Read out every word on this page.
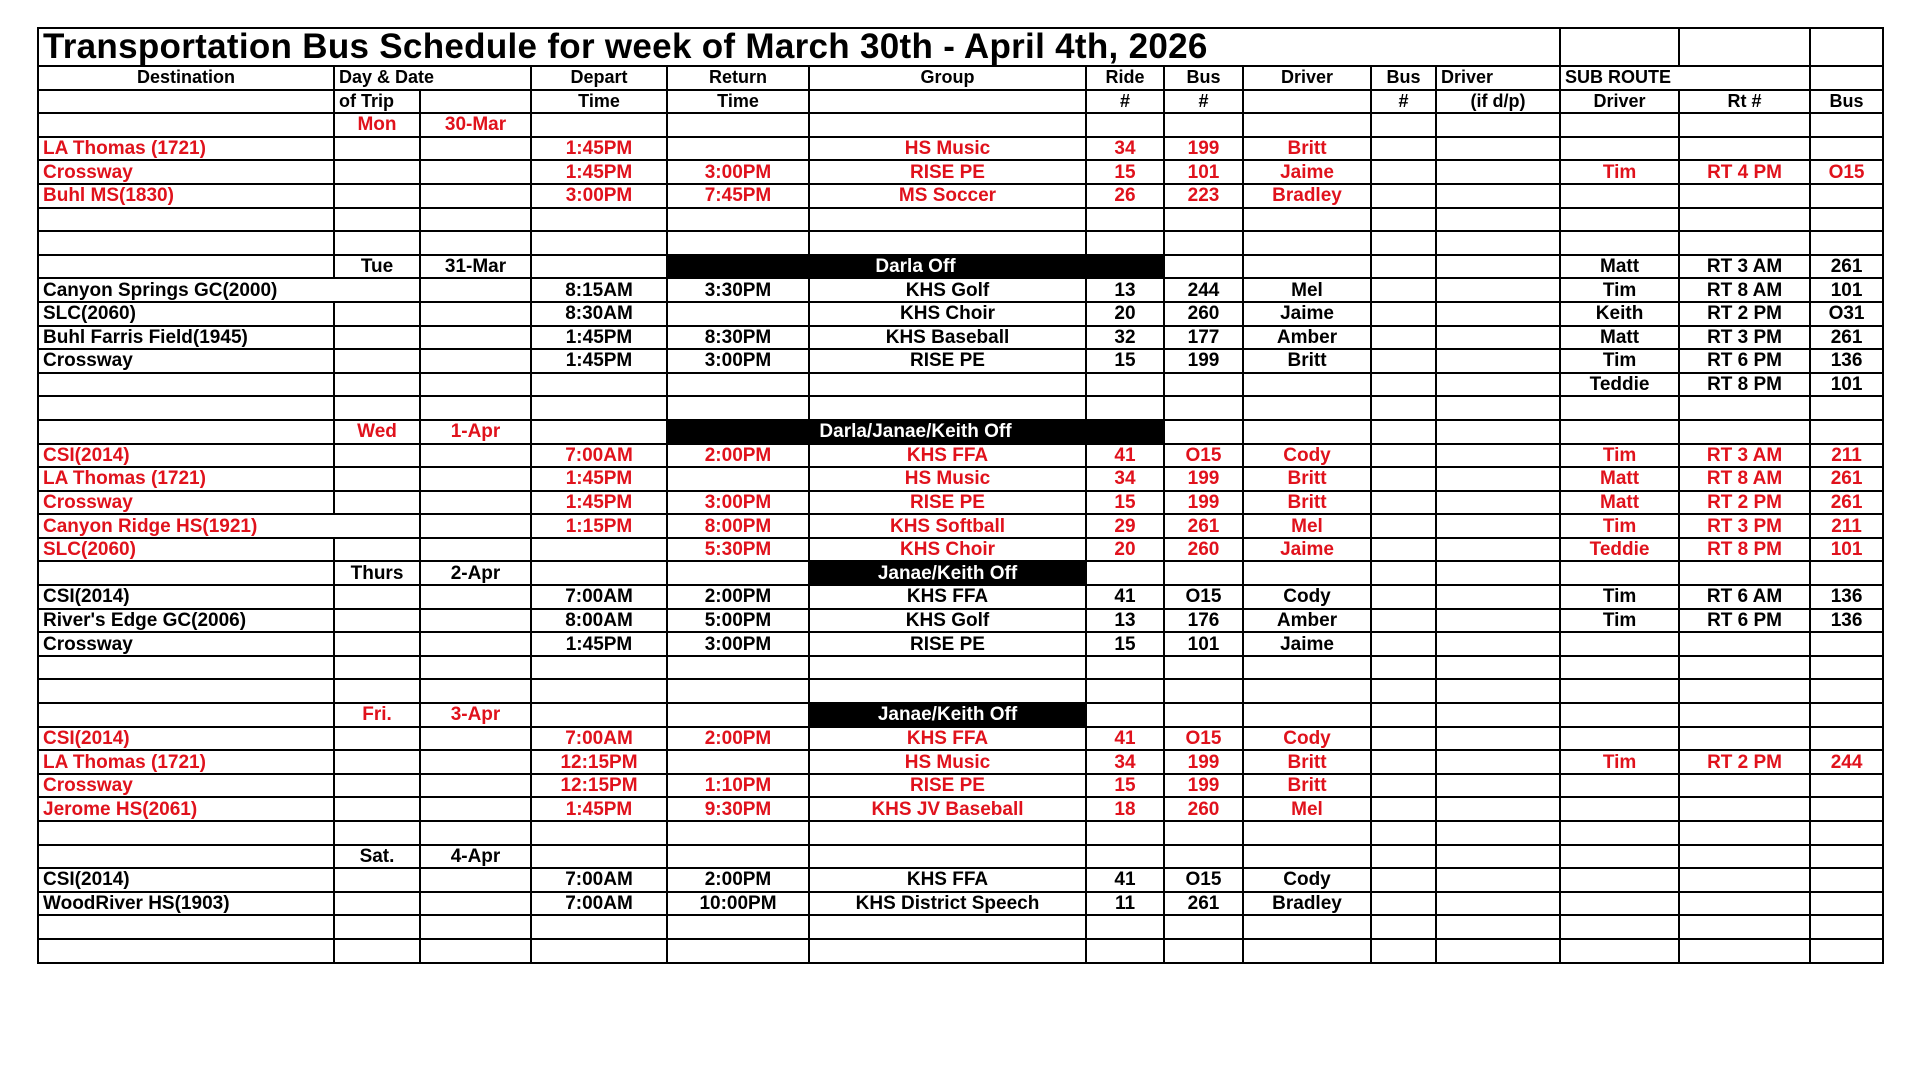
Transportation Bus Schedule for week of March 30th - April 4th, 2026													
Destination	Day & Date		Depart	Return	Group	Ride	Bus	Driver	Bus	Driver	SUB ROUTE		
	of Trip		Time	Time		#	#		#	(if d/p)	Driver	Rt #	Bus
	Mon	30-Mar											
LA Thomas (1721)			1:45PM		HS Music	34	199	Britt					
Crossway			1:45PM	3:00PM	RISE PE	15	101	Jaime			Tim	RT 4 PM	O15
Buhl MS(1830)			3:00PM	7:45PM	MS Soccer	26	223	Bradley					

	Tue	31-Mar		Darla Off							Matt	RT 3 AM	261
Canyon Springs GC(2000)			8:15AM	3:30PM	KHS Golf	13	244	Mel			Tim	RT 8 AM	101
SLC(2060)			8:30AM		KHS Choir	20	260	Jaime			Keith	RT 2 PM	O31
Buhl Farris Field(1945)			1:45PM	8:30PM	KHS Baseball	32	177	Amber			Matt	RT 3 PM	261
Crossway			1:45PM	3:00PM	RISE PE	15	199	Britt			Tim	RT 6 PM	136
											Teddie	RT 8 PM	101

	Wed	1-Apr		Darla/Janae/Keith Off									
CSI(2014)			7:00AM	2:00PM	KHS FFA	41	O15	Cody			Tim	RT 3 AM	211
LA Thomas (1721)			1:45PM		HS Music	34	199	Britt			Matt	RT 8 AM	261
Crossway			1:45PM	3:00PM	RISE PE	15	199	Britt			Matt	RT 2 PM	261
Canyon Ridge HS(1921)			1:15PM	8:00PM	KHS Softball	29	261	Mel			Tim	RT 3 PM	211
SLC(2060)				5:30PM	KHS Choir	20	260	Jaime			Teddie	RT 8 PM	101
	Thurs	2-Apr			Janae/Keith Off								
CSI(2014)			7:00AM	2:00PM	KHS FFA	41	O15	Cody			Tim	RT 6 AM	136
River's Edge GC(2006)			8:00AM	5:00PM	KHS Golf	13	176	Amber			Tim	RT 6 PM	136
Crossway			1:45PM	3:00PM	RISE PE	15	101	Jaime					

	Fri.	3-Apr			Janae/Keith Off								
CSI(2014)			7:00AM	2:00PM	KHS FFA	41	O15	Cody					
LA Thomas (1721)			12:15PM		HS Music	34	199	Britt			Tim	RT 2 PM	244
Crossway			12:15PM	1:10PM	RISE PE	15	199	Britt					
Jerome HS(2061)			1:45PM	9:30PM	KHS JV Baseball	18	260	Mel					

	Sat.	4-Apr											
CSI(2014)			7:00AM	2:00PM	KHS FFA	41	O15	Cody					
WoodRiver HS(1903)			7:00AM	10:00PM	KHS District Speech	11	261	Bradley					
